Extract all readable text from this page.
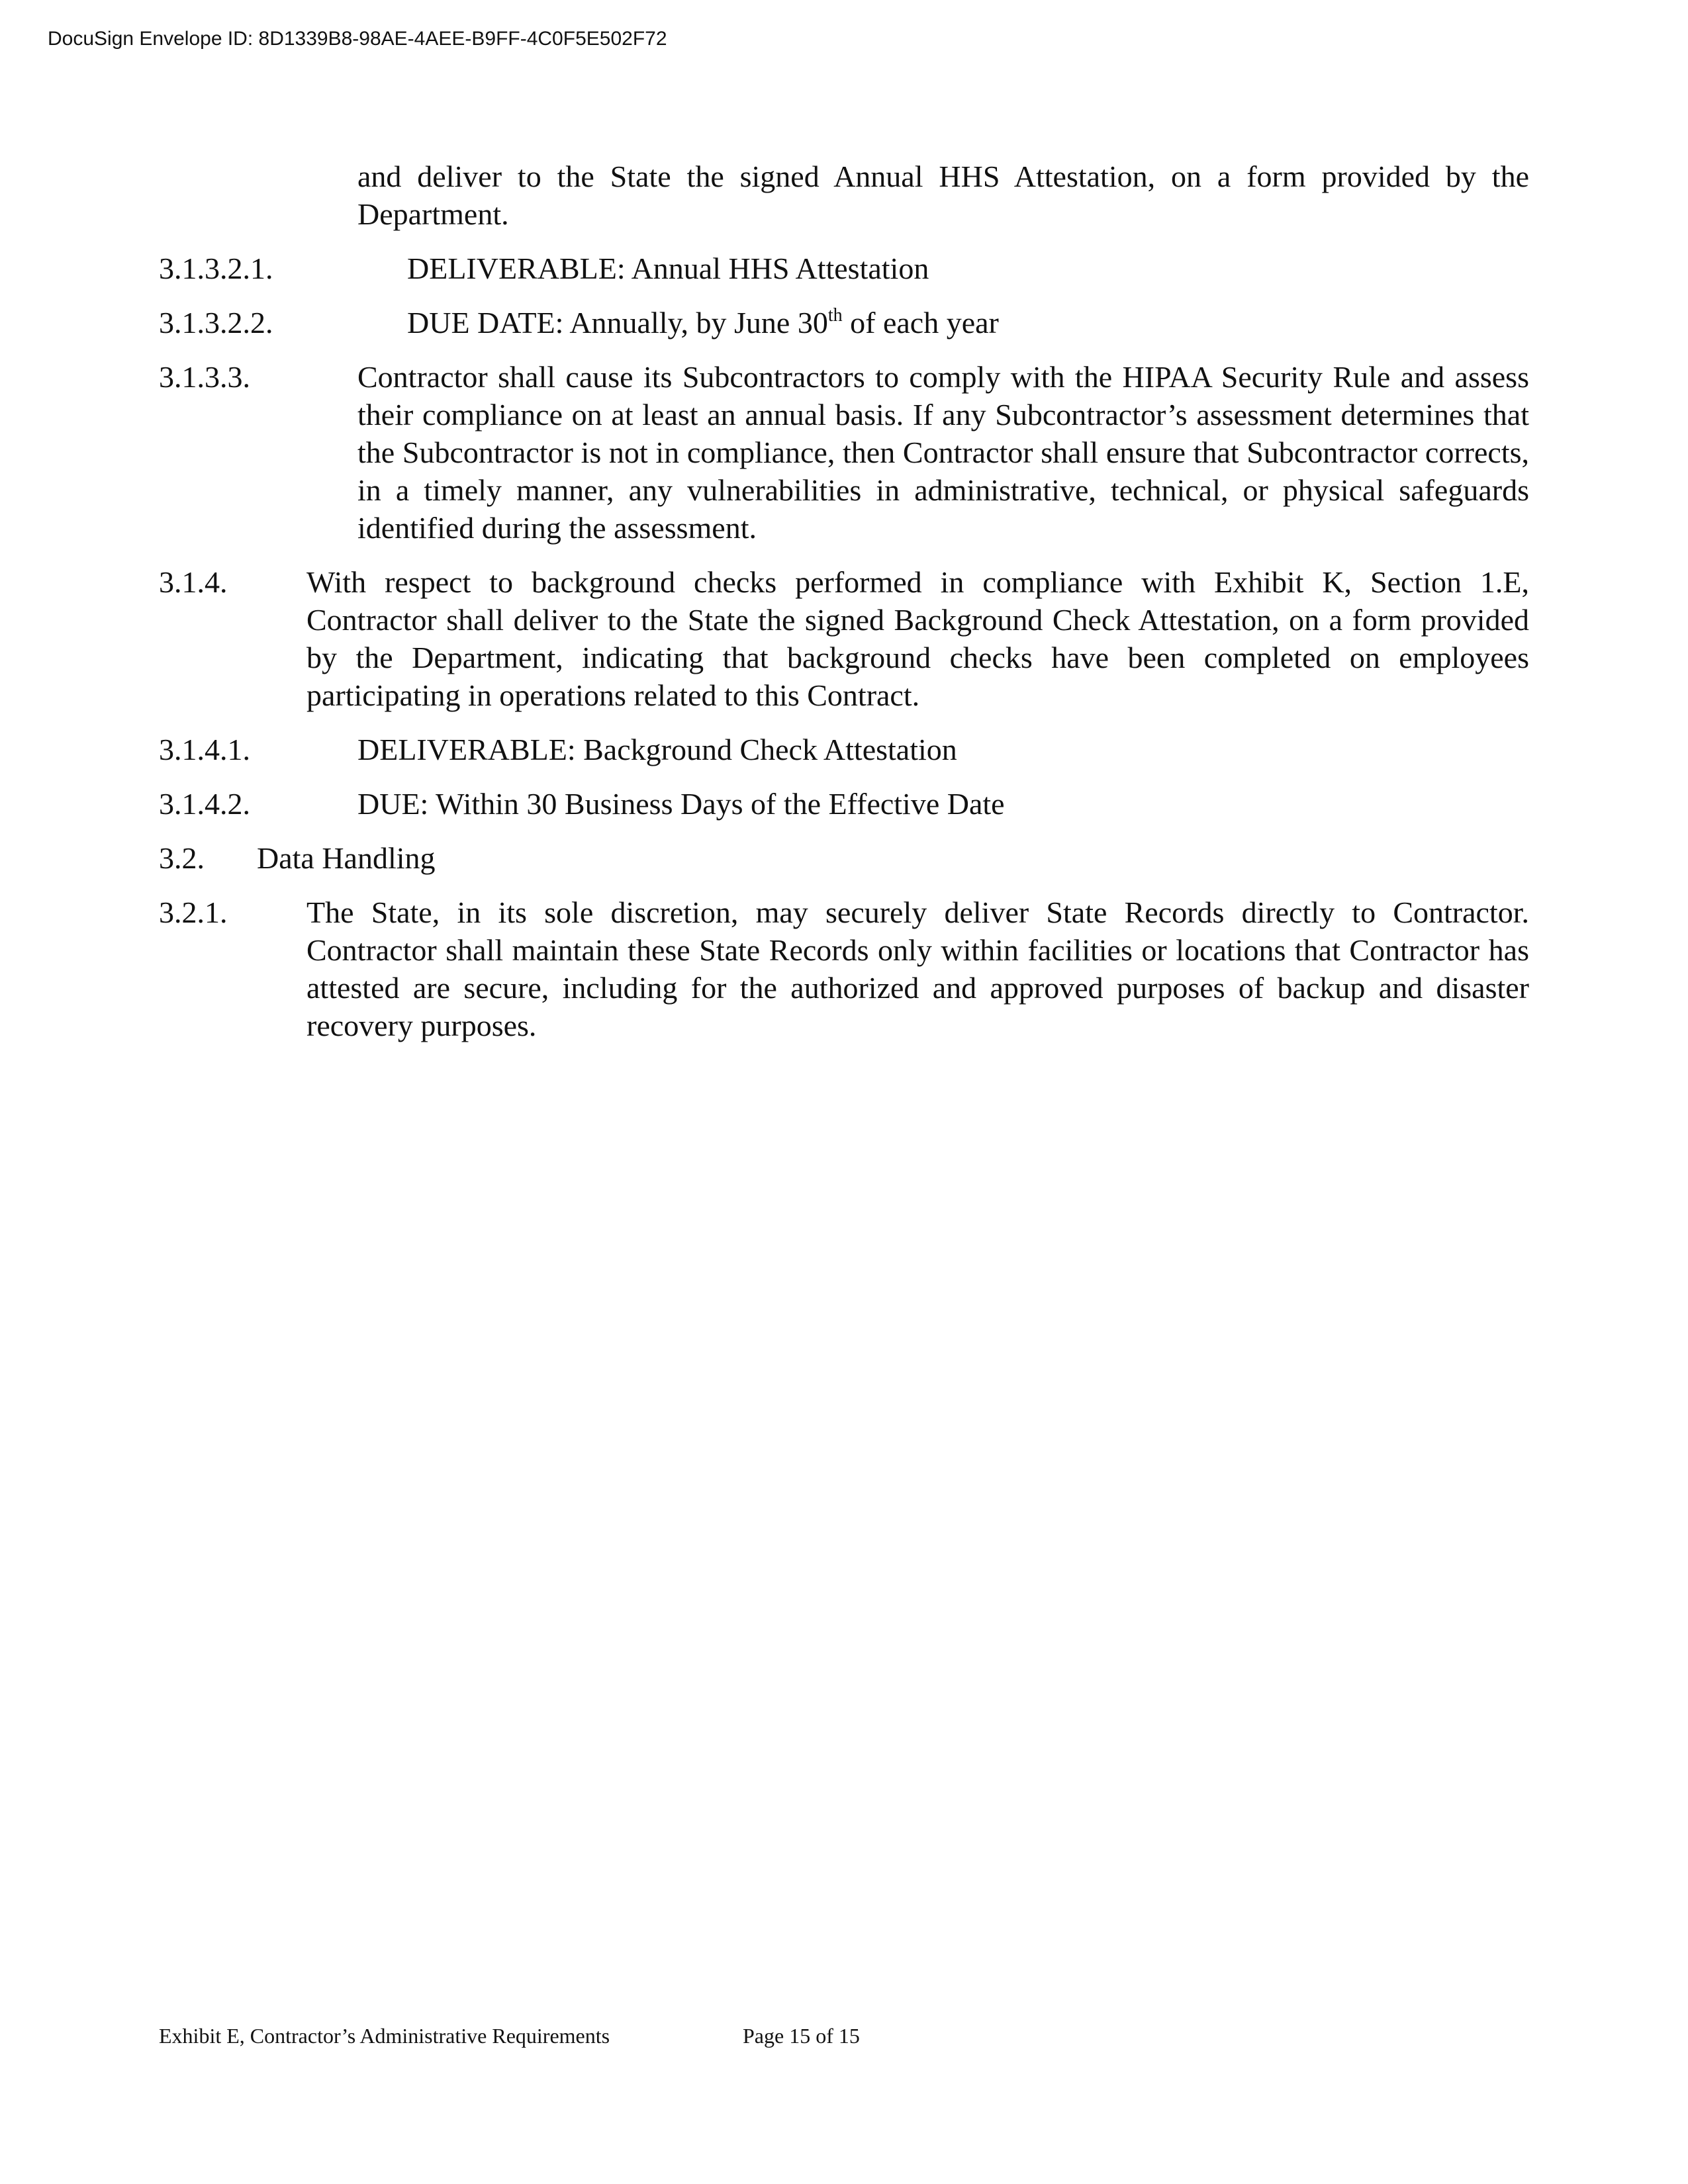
DocuSign Envelope ID: 8D1339B8-98AE-4AEE-B9FF-4C0F5E502F72
and deliver to the State the signed Annual HHS Attestation, on a form provided by the Department.
3.1.3.2.1.	DELIVERABLE: Annual HHS Attestation
3.1.3.2.2.	DUE DATE: Annually, by June 30th of each year
3.1.3.3.	Contractor shall cause its Subcontractors to comply with the HIPAA Security Rule and assess their compliance on at least an annual basis. If any Subcontractor’s assessment determines that the Subcontractor is not in compliance, then Contractor shall ensure that Subcontractor corrects, in a timely manner, any vulnerabilities in administrative, technical, or physical safeguards identified during the assessment.
3.1.4.	With respect to background checks performed in compliance with Exhibit K, Section 1.E, Contractor shall deliver to the State the signed Background Check Attestation, on a form provided by the Department, indicating that background checks have been completed on employees participating in operations related to this Contract.
3.1.4.1.	DELIVERABLE: Background Check Attestation
3.1.4.2.	DUE: Within 30 Business Days of the Effective Date
3.2. Data Handling
3.2.1.	The State, in its sole discretion, may securely deliver State Records directly to Contractor. Contractor shall maintain these State Records only within facilities or locations that Contractor has attested are secure, including for the authorized and approved purposes of backup and disaster recovery purposes.
Exhibit E, Contractor’s Administrative Requirements	Page 15 of 15
